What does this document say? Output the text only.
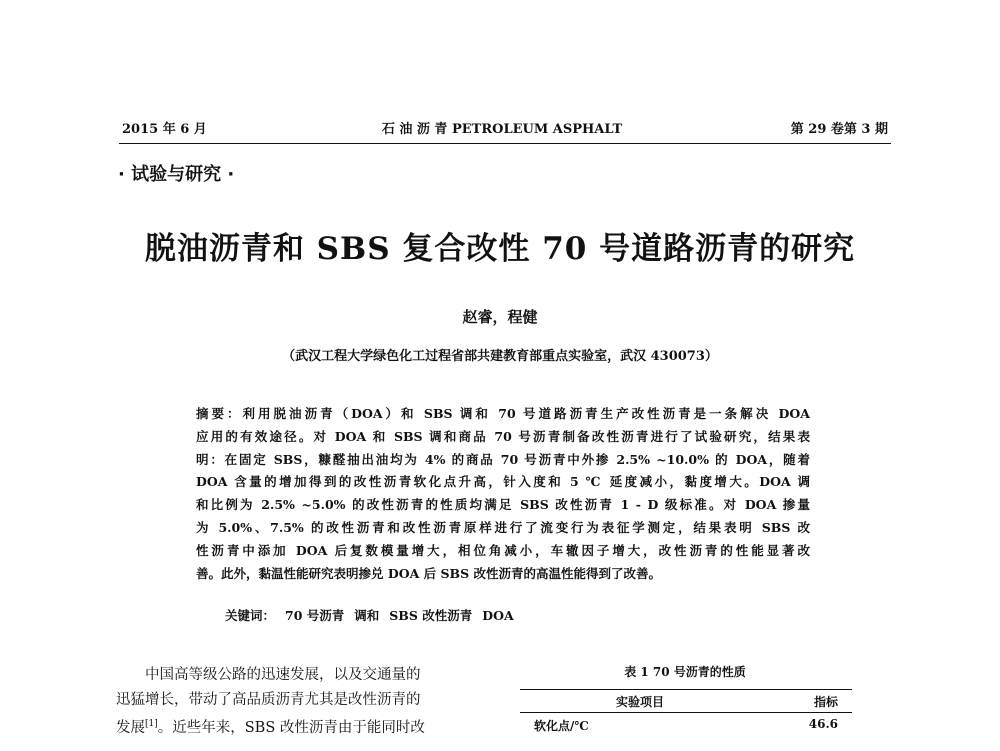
2015 年 6 月	石 油 沥 青 PETROLEUM ASPHALT	第 29 卷第 3 期
· 试验与研究 ·
脱油沥青和 SBS 复合改性 70 号道路沥青的研究
赵睿，程健
（武汉工程大学绿色化工过程省部共建教育部重点实验室，武汉 430073）
摘要：利用脱油沥青（DOA）和 SBS 调和 70 号道路沥青生产改性沥青是一条解决 DOA
应用的有效途径。对 DOA 和 SBS 调和商品 70 号沥青制备改性沥青进行了试验研究，结果表
明：在固定 SBS，糠醛抽出油均为 4% 的商品 70 号沥青中外掺 2.5% ~10.0% 的 DOA，随着
DOA 含量的增加得到的改性沥青软化点升高，针入度和 5 ℃ 延度减小，黏度增大。DOA 调
和比例为 2.5% ~5.0% 的改性沥青的性质均满足 SBS 改性沥青 1 - D 级标准。对 DOA 掺量
为 5.0%、7.5% 的改性沥青和改性沥青原样进行了流变行为表征学测定，结果表明 SBS 改
性沥青中添加 DOA 后复数模量增大，相位角减小，车辙因子增大，改性沥青的性能显著改
善。此外，黏温性能研究表明掺兑 DOA 后 SBS 改性沥青的高温性能得到了改善。
关键词： 70 号沥青 调和 SBS 改性沥青 DOA
中国高等级公路的迅速发展，以及交通量的
迅猛增长，带动了高品质沥青尤其是改性沥青的
发展[1]。近些年来，SBS 改性沥青由于能同时改
表 1 70 号沥青的性质
实验项目	指标
软化点/℃	46.6
